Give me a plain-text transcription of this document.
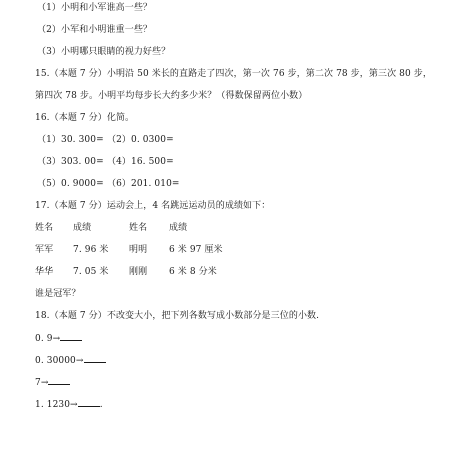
（1）小明和小军谁高一些？
（2）小军和小明谁重一些？
（3）小明哪只眼睛的视力好些？
15.（本题 7 分）小明沿 50 米长的直路走了四次，第一次 76 步，第二次 78 步，第三次 80 步，
第四次 78 步。小明平均每步长大约多少米？（得数保留两位小数）
16.（本题 7 分）化简。
（1）30. 300= （2）0. 0300=
（3）303. 00= （4）16. 500=
（5）0. 9000= （6）201. 010=
17.（本题 7 分）运动会上，4 名跳远运动员的成绩如下：
姓名 成绩	姓名 成绩
军军 7. 96 米 明明 6 米 97 厘米
华华 7. 05 米 刚刚 6 米 8 分米
谁是冠军？
18.（本题 7 分）不改变大小，把下列各数写成小数部分是三位的小数.
0. 9→
0. 30000→
7→
1. 1230→ .
